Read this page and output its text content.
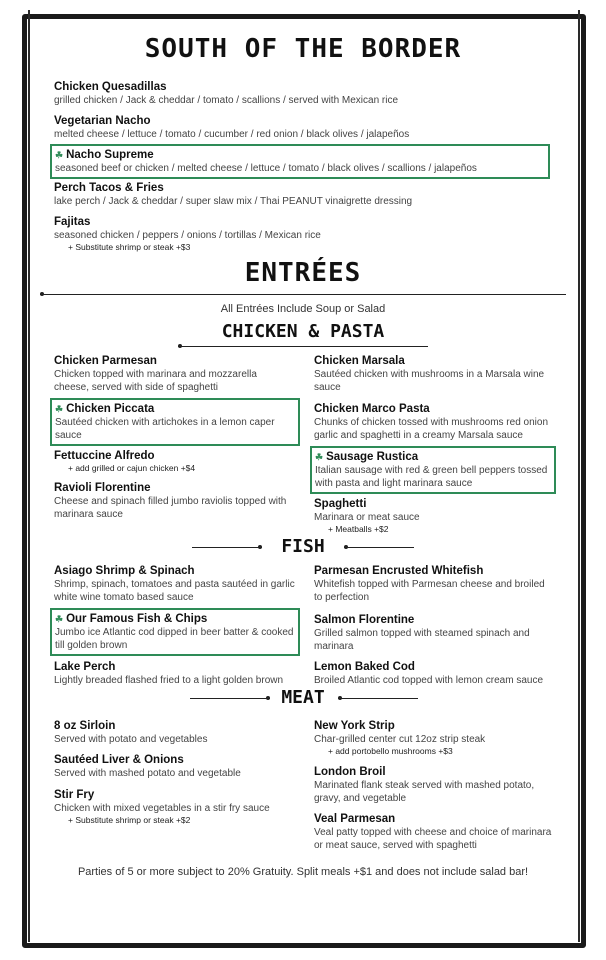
SOUTH OF THE BORDER
Chicken Quesadillas
grilled chicken / Jack & cheddar / tomato / scallions / served with Mexican rice
Vegetarian Nacho
melted cheese / lettuce / tomato / cucumber / red onion / black olives / jalapeños
☘ Nacho Supreme
seasoned beef or chicken / melted cheese / lettuce / tomato / black olives / scallions / jalapeños
Perch Tacos & Fries
lake perch / Jack & cheddar / super slaw mix / Thai PEANUT vinaigrette dressing
Fajitas
seasoned chicken / peppers / onions / tortillas / Mexican rice
+ Substitute shrimp or steak +$3
ENTRÉES
All Entrées Include Soup or Salad
CHICKEN & PASTA
Chicken Parmesan
Chicken topped with marinara and mozzarella cheese, served with side of spaghetti
☘ Chicken Piccata
Sautéed chicken with artichokes in a lemon caper sauce
Fettuccine Alfredo
+ add grilled or cajun chicken +$4
Ravioli Florentine
Cheese and spinach filled jumbo raviolis topped with marinara sauce
Chicken Marsala
Sautéed chicken with mushrooms in a Marsala wine sauce
Chicken Marco Pasta
Chunks of chicken tossed with mushrooms red onion garlic and spaghetti in a creamy Marsala sauce
☘ Sausage Rustica
Italian sausage with red & green bell peppers tossed with pasta and light marinara sauce
Spaghetti
Marinara or meat sauce
+ Meatballs +$2
FISH
Asiago Shrimp & Spinach
Shrimp, spinach, tomatoes and pasta sautéed in garlic white wine tomato based sauce
☘ Our Famous Fish & Chips
Jumbo ice Atlantic cod dipped in beer batter & cooked till golden brown
Lake Perch
Lightly breaded flashed fried to a light golden brown
Parmesan Encrusted Whitefish
Whitefish topped with Parmesan cheese and broiled to perfection
Salmon Florentine
Grilled salmon topped with steamed spinach and marinara
Lemon Baked Cod
Broiled Atlantic cod topped with lemon cream sauce
MEAT
8 oz Sirloin
Served with potato and vegetables
Sautéed Liver & Onions
Served with mashed potato and vegetable
Stir Fry
Chicken with mixed vegetables in a stir fry sauce
+ Substitute shrimp or steak +$2
New York Strip
Char-grilled center cut 12oz strip steak
+ add portobello mushrooms +$3
London Broil
Marinated flank steak served with mashed potato, gravy, and vegetable
Veal Parmesan
Veal patty topped with cheese and choice of marinara or meat sauce, served with spaghetti
Parties of 5 or more subject to 20% Gratuity. Split meals +$1 and does not include salad bar!
